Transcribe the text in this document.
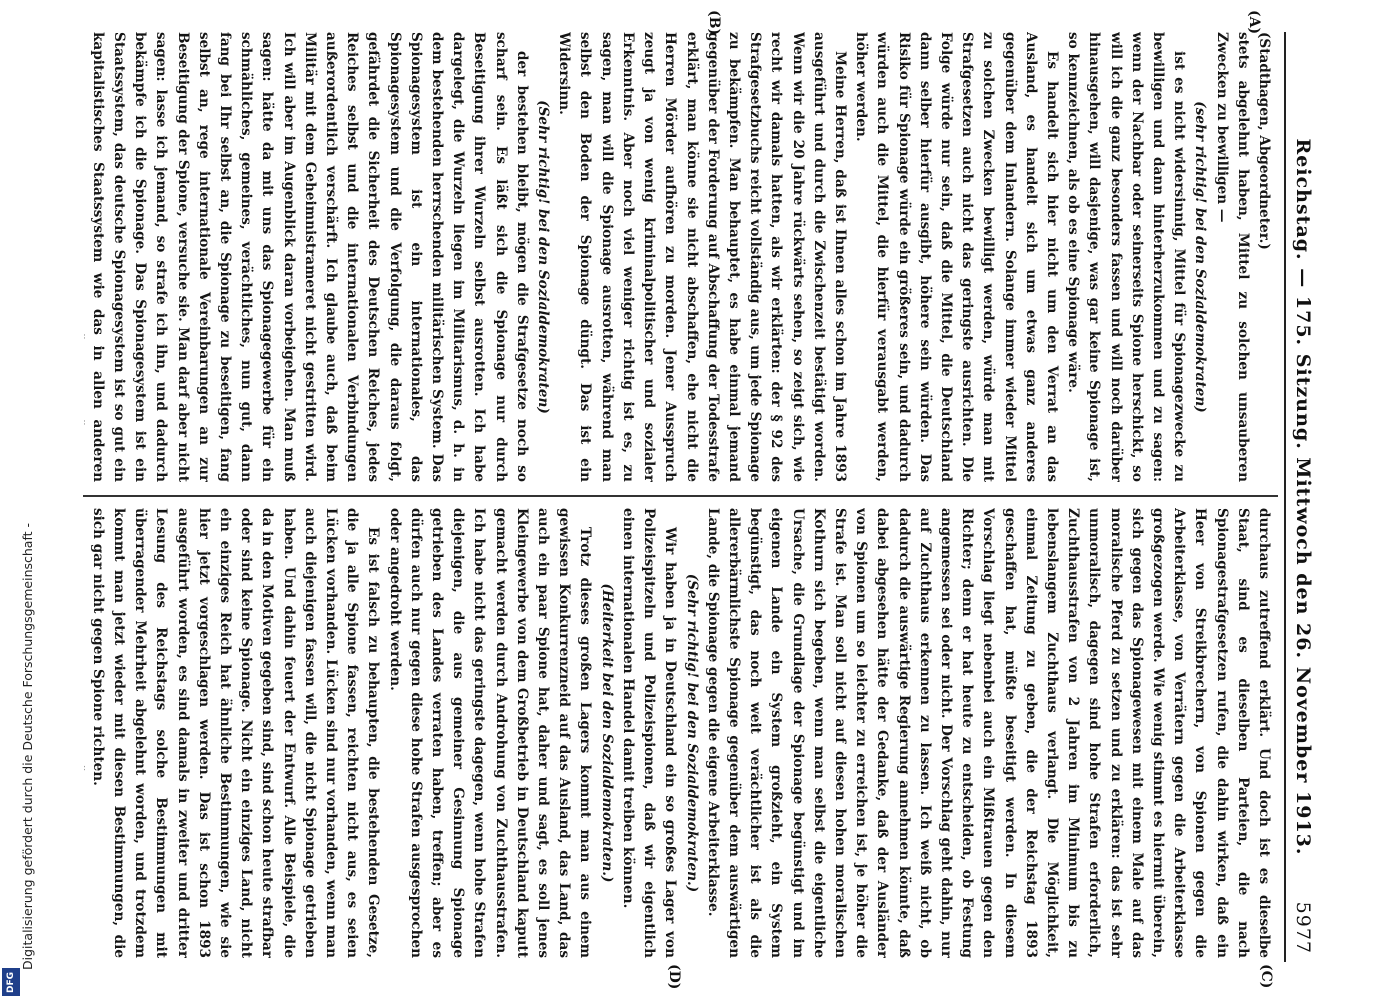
Digitalisierung gefördert durch die Deutsche Forschungsgemeinschaft -
DFG
Reichstag. — 175. Sitzung. Mittwoch den 26. November 1913.
5977

(Stadthagen, Abgeordneter.)

stets abgelehnt haben, Mittel zu solchen unsauberen Zwecken zu bewilligen —

(sehr richtig! bei den Sozialdemokraten)

ist es nicht widersinnig, Mittel für Spionagezwecke zu bewilligen und dann hinterherzukommen und zu sagen: wenn der Nachbar oder seinerseits Spione herschickt, so will ich die ganz besonders fassen und will noch darüber hinausgehen, will dasjenige, was gar keine Spionage ist, so kennzeichnen, als ob es eine Spionage wäre.

Es handelt sich hier nicht um den Verrat an das Ausland, es handelt sich um etwas ganz anderes gegenüber dem Inlandern. Solange immer wieder Mittel zu solchen Zwecken bewilligt werden, würde man mit Strafgesetzen auch nicht das geringste ausrichten. Die Folge würde nur sein, daß die Mittel, die Deutschland dann selber hierfür ausgibt, höhere sein würden. Das Risiko für Spionage würde ein größeres sein, und dadurch würden auch die Mittel, die hierfür verausgabt werden, höher werden.

Meine Herren, daß ist Ihnen alles schon im Jahre 1893 ausgeführt und durch die Zwischenzeit bestätigt worden. Wenn wir die 20 Jahre rückwärts sehen, so zeigt sich, wie recht wir damals hatten, als wir erklärten: der § 92 des Strafgesetzbuchs reicht vollständig aus, um jede Spionage zu bekämpfen. Man behauptet, es habe einmal jemand gegenüber der Forderung auf Abschaffung der Todesstrafe erklärt, man könne sie nicht abschaffen, ehe nicht die Herren Mörder aufhören zu morden. Jener Ausspruch zeugt ja von wenig kriminalpolitischer und sozialer Erkenntnis. Aber noch viel weniger richtig ist es, zu sagen, man will die Spionage ausrotten, während man selbst den Boden der Spionage düngt. Das ist ein Widersinn.

(Sehr richtig! bei den Sozialdemokraten)

der bestehen bleibt, mögen die Strafgesetze noch so scharf sein. Es läßt sich die Spionage nur durch Beseitigung ihrer Wurzeln selbst ausrotten. Ich habe dargelegt, die Wurzeln liegen im Militarismus, d. h. in dem bestehenden herrschenden militärischen System. Das Spionagesystem ist ein internationales, das Spionagesystem und die Verfolgung, die daraus folgt, gefährdet die Sicherheit des Deutschen Reiches, jedes Reiches selbst und die internationalen Verbindungen außerordentlich verschärft. Ich glaube auch, daß beim Militär mit dem Geheimnistrameret nicht gestritten wird. Ich will aber im Augenblick daran vorbeigehen. Man muß sagen: hätte da mit uns das Spionagegewerbe für ein schmähliches, gemeines, verächtliches, nun gut, dann fang bei Ihr selbst an, die Spionage zu beseitigen, fang selbst an, rege internationale Vereinbarungen an zur Beseitigung der Spione, versuche sie. Man darf aber nicht sagen: lasse ich jemand, so strafe ich ihn, und dadurch bekämpfe ich die Spionage. Das Spionagesystem ist ein Staatssystem, das deutsche Spionagesystem ist so gut ein kapitalistisches Staatssystem wie das in allen anderen

durchaus zutreffend erklärt. Und doch ist es dieselbe Staat, sind es dieselben Parteien, die nach Spionagestrafgesetzen rufen, die dahin wirken, daß ein Heer von Streikbrechern, von Spionen gegen die Arbeiterklasse, von Verrätern gegen die Arbeiterklasse großgezogen werde. Wie wenig stimmt es hiermit überein, sich gegen das Spionagewesen mit einem Male auf das moralische Pferd zu setzen und zu erklären: das ist sehr unmoralisch, dagegen sind hohe Strafen erforderlich, Zuchthausstrafen von 2 Jahren im Minimum bis zu lebenslangem Zuchthaus verlangt. Die Möglichkeit, einmal Zeitung zu geben, die der Reichstag 1893 geschaffen hat, müßte beseitigt werden. In diesem Vorschlag liegt nebenbei auch ein Mißtrauen gegen den Richter; denn er hat heute zu entscheiden, ob Festung angemessen sei oder nicht. Der Vorschlag geht dahin, nur auf Zuchthaus erkennen zu lassen. Ich weiß nicht, ob dadurch die auswärtige Regierung annehmen könnte, daß dabei abgesehen hätte der Gedanke, daß der Ausländer von Spionen um so leichter zu erreichen ist, je höher die Strafe ist. Man soll nicht auf diesen hohen moralischen Kothurn sich begeben, wenn man selbst die eigentliche Ursache, die Grundlage der Spionage begünstigt und im eigenen Lande ein System großzieht, ein System begünstigt, das noch weit verächtlicher ist als die allererbärmlichste Spionage gegenüber dem auswärtigen Lande, die Spionage gegen die eigene Arbeiterklasse.

(Sehr richtig! bei den Sozialdemokraten.)

Wir haben ja in Deutschland ein so großes Lager von Polizeispitzeln und Polizeispionen, daß wir eigentlich einen internationalen Handel damit treiben können.

(Heiterkeit bei den Sozialdemokraten.)

Trotz dieses großen Lagers kommt man aus einem gewissen Konkurrenzneid auf das Ausland, das Land, das auch ein paar Spione hat, daher und sagt, es soll jenes Kleingewerbe von dem Großbetrieb in Deutschland kaputt gemacht werden durch Androhung von Zuchthausstrafen. Ich habe nicht das geringste dagegen, wenn hohe Strafen diejenigen, die aus gemeiner Gesinnung Spionage getrieben des Landes verraten haben, treffen; aber es dürfen auch nur gegen diese hohe Strafen ausgesprochen oder angedroht werden.

Es ist falsch zu behaupten, die bestehenden Gesetze, die ja alle Spione fassen, reichten nicht aus, es seien Lücken vorhanden. Lücken sind nur vorhanden, wenn man auch diejenigen fassen will, die nicht Spionage getrieben haben. Und dahin feuert der Entwurf. Alle Beispiele, die da in den Motiven gegeben sind, sind schon heute strafbar oder sind keine Spionage. Nicht ein einziges Land, nicht ein einziges Reich hat ähnliche Bestimmungen, wie sie hier jetzt vorgeschlagen werden. Das ist schon 1893 ausgeführt worden, es sind damals in zweiter und dritter Lesung des Reichstags solche Bestimmungen mit überragender Mehrheit abgelehnt worden, und trotzdem kommt man jetzt wieder mit diesen Bestimmungen, die sich gar nicht gegen Spione richten.

(A)
(B)
(C)
(D)
